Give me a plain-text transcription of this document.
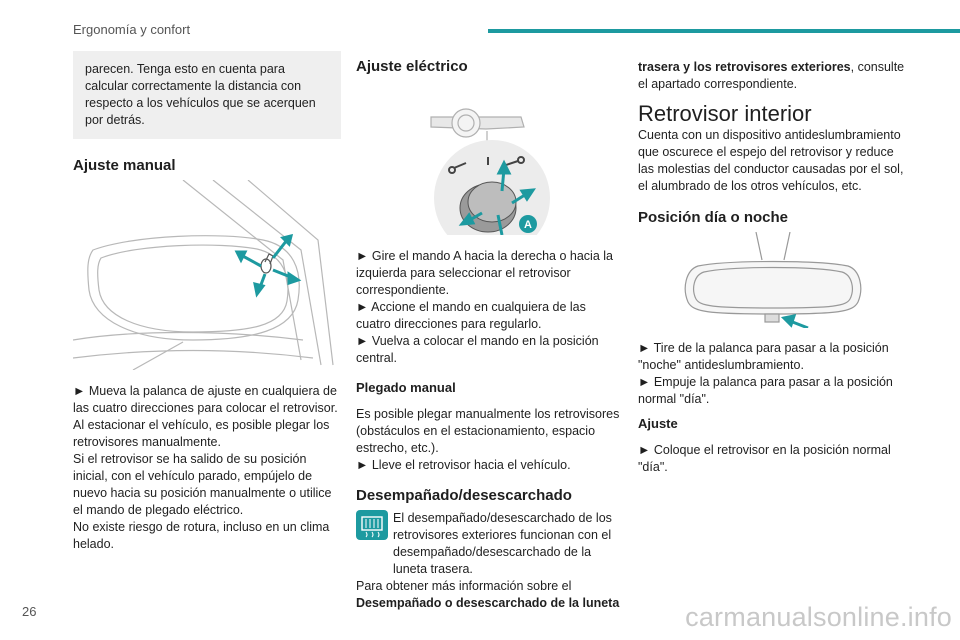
Ergonomía y confort

parecen. Tenga esto en cuenta para calcular correctamente la distancia con respecto a los vehículos que se acerquen por detrás.

Ajuste manual

► Mueva la palanca de ajuste en cualquiera de las cuatro direcciones para colocar el retrovisor.

Al estacionar el vehículo, es posible plegar los retrovisores manualmente.

Si el retrovisor se ha salido de su posición inicial, con el vehículo parado, empújelo de nuevo hacia su posición manualmente o utilice el mando de plegado eléctrico.

No existe riesgo de rotura, incluso en un clima helado.

Ajuste eléctrico
A

► Gire el mando A hacia la derecha o hacia la izquierda para seleccionar el retrovisor correspondiente.

► Accione el mando en cualquiera de las cuatro direcciones para regularlo.

► Vuelva a colocar el mando en la posición central.

Plegado manual

Es posible plegar manualmente los retrovisores (obstáculos en el estacionamiento, espacio estrecho, etc.).

► Lleve el retrovisor hacia el vehículo.

Desempañado/desescarchado

El desempañado/desescarchado de los retrovisores exteriores funcionan con el desempañado/desescarchado de la luneta trasera.

Para obtener más información sobre el

Desempañado o desescarchado de la luneta

trasera y los retrovisores exteriores, consulte el apartado correspondiente.

Retrovisor interior

Cuenta con un dispositivo antideslumbramiento que oscurece el espejo del retrovisor y reduce las molestias del conductor causadas por el sol, el alumbrado de los otros vehículos, etc.

Posición día o noche

► Tire de la palanca para pasar a la posición "noche" antideslumbramiento.

► Empuje la palanca para pasar a la posición normal "día".

Ajuste

► Coloque el retrovisor en la posición normal "día".

26	carmanualsonline.info
